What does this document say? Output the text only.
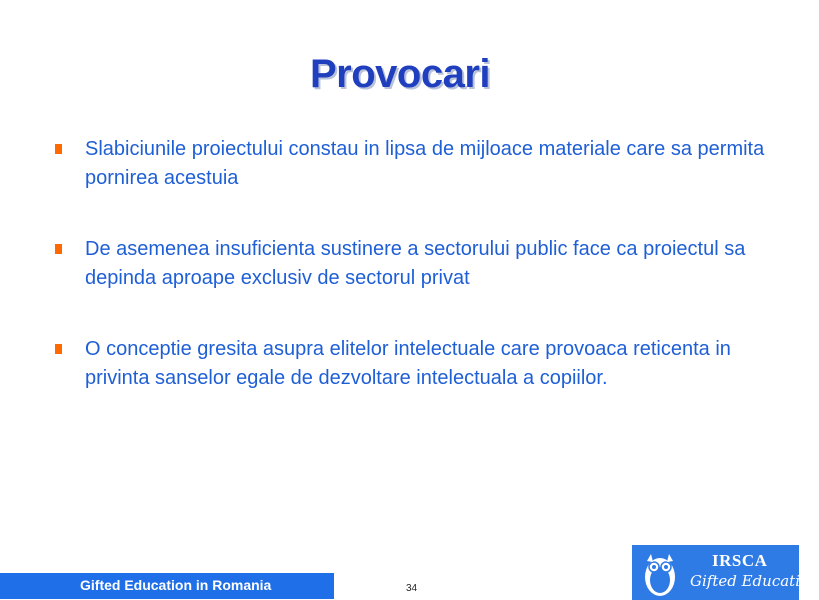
Provocari
Slabiciunile proiectului constau in lipsa de mijloace materiale care sa permita pornirea acestuia
De asemenea insuficienta sustinere a sectorului public face ca proiectul sa depinda aproape exclusiv de sectorul privat
O conceptie gresita asupra elitelor intelectuale care provoaca reticenta in privinta sanselor egale de dezvoltare intelectuala a copiilor.
Gifted Education in Romania	34
IRSCA
Gifted Education
